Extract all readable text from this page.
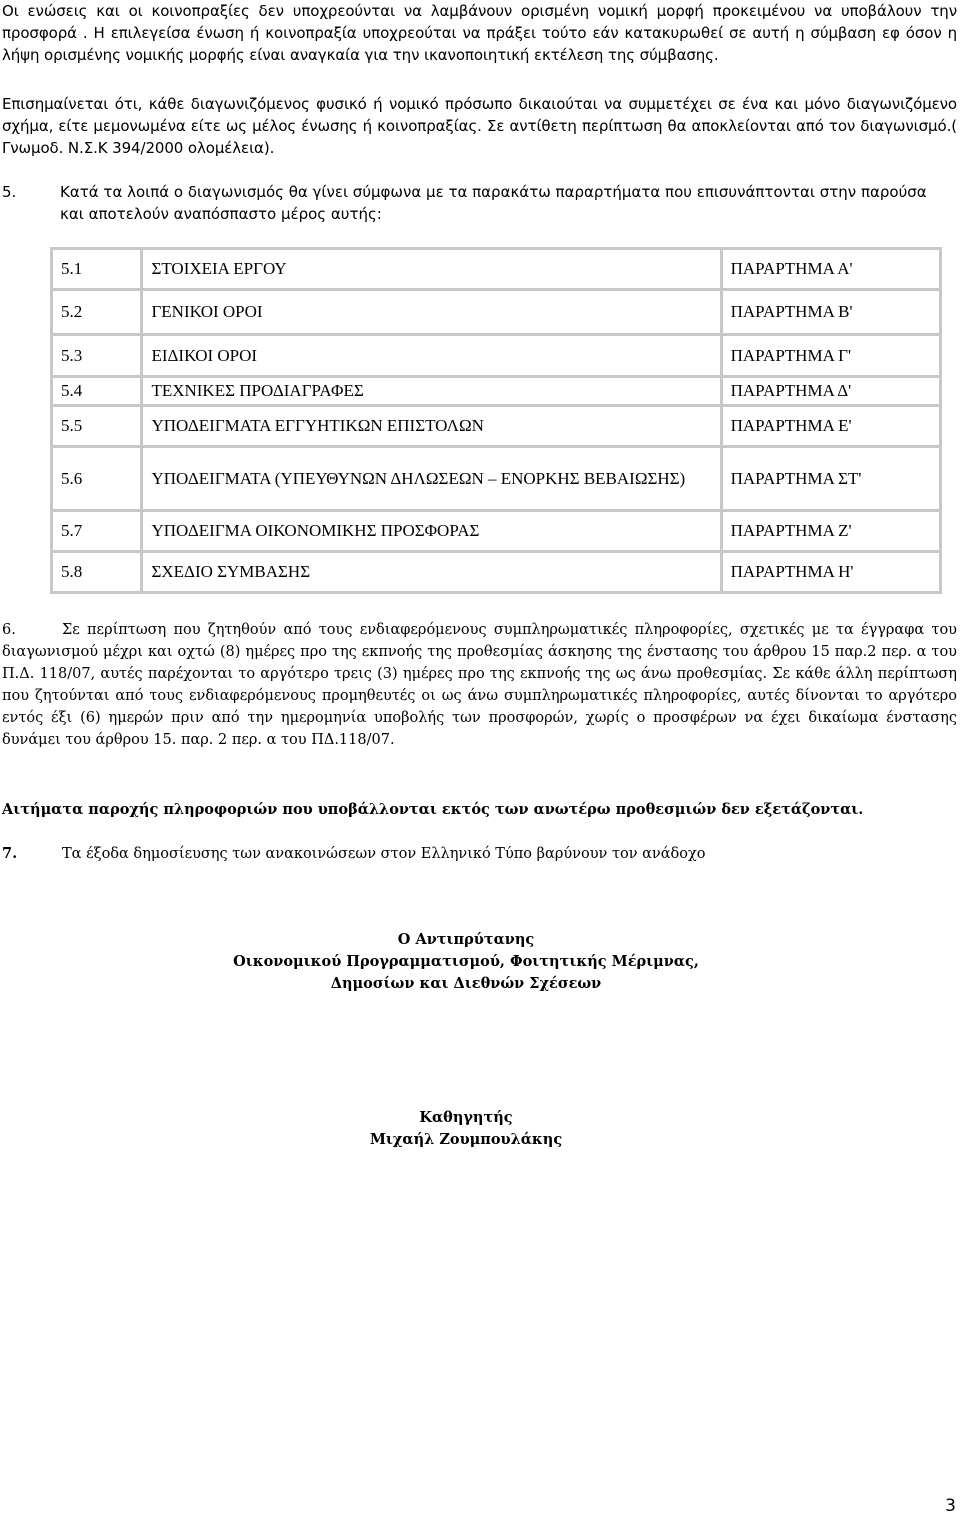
Οι ενώσεις και οι κοινοπραξίες δεν υποχρεούνται να λαμβάνουν ορισμένη νομική μορφή προκειμένου να υποβάλουν την προσφορά . Η επιλεγείσα ένωση ή κοινοπραξία υποχρεούται να πράξει τούτο εάν κατακυρωθεί σε αυτή η σύμβαση εφ όσον η λήψη ορισμένης νομικής μορφής είναι αναγκαία για την ικανοποιητική εκτέλεση της σύμβασης.
Επισημαίνεται ότι, κάθε διαγωνιζόμενος φυσικό ή νομικό πρόσωπο δικαιούται να συμμετέχει σε ένα και μόνο διαγωνιζόμενο σχήμα, είτε μεμονωμένα είτε ως μέλος ένωσης ή κοινοπραξίας. Σε αντίθετη περίπτωση θα αποκλείονται από τον διαγωνισμό.( Γνωμοδ. Ν.Σ.Κ 394/2000 ολομέλεια).
5.	Κατά τα λοιπά ο διαγωνισμός θα γίνει σύμφωνα με τα παρακάτω παραρτήματα που επισυνάπτονται στην παρούσα
και αποτελούν αναπόσπαστο μέρος αυτής:
5.1	ΣΤΟΙΧΕΙΑ ΕΡΓΟΥ	ΠΑΡΑΡΤΗΜΑ Α'
5.2	ΓΕΝΙΚΟΙ ΟΡΟΙ	ΠΑΡΑΡΤΗΜΑ Β'
5.3	ΕΙΔΙΚΟΙ ΟΡΟΙ	ΠΑΡΑΡΤΗΜΑ Γ'
5.4	ΤΕΧΝΙΚΕΣ ΠΡΟΔΙΑΓΡΑΦΕΣ	ΠΑΡΑΡΤΗΜΑ Δ'
5.5	ΥΠΟΔΕΙΓΜΑΤΑ ΕΓΓΥΗΤΙΚΩΝ ΕΠΙΣΤΟΛΩΝ	ΠΑΡΑΡΤΗΜΑ Ε'
5.6	ΥΠΟΔΕΙΓΜΑΤΑ (ΥΠΕΥΘΥΝΩΝ ΔΗΛΩΣΕΩΝ – ΕΝΟΡΚΗΣ ΒΕΒΑΙΩΣΗΣ)	ΠΑΡΑΡΤΗΜΑ ΣΤ'
5.7	ΥΠΟΔΕΙΓΜΑ ΟΙΚΟΝΟΜΙΚΗΣ ΠΡΟΣΦΟΡΑΣ	ΠΑΡΑΡΤΗΜΑ Ζ'
5.8	ΣΧΕΔΙΟ ΣΥΜΒΑΣΗΣ	ΠΑΡΑΡΤΗΜΑ Η'
6.	Σε περίπτωση που ζητηθούν από τους ενδιαφερόμενους συμπληρωματικές πληροφορίες, σχετικές με τα έγγραφα του διαγωνισμού μέχρι και οχτώ (8) ημέρες προ της εκπνοής της προθεσμίας άσκησης της ένστασης του άρθρου 15 παρ.2 περ. α του Π.Δ. 118/07, αυτές παρέχονται το αργότερο τρεις (3) ημέρες προ της εκπνοής της ως άνω προθεσμίας. Σε κάθε άλλη περίπτωση που ζητούνται από τους ενδιαφερόμενους προμηθευτές οι ως άνω συμπληρωματικές πληροφορίες, αυτές δίνονται το αργότερο εντός έξι (6) ημερών πριν από την ημερομηνία υποβολής των προσφορών, χωρίς ο προσφέρων να έχει δικαίωμα ένστασης δυνάμει του άρθρου 15. παρ. 2 περ. α του ΠΔ.118/07.
Αιτήματα παροχής πληροφοριών που υποβάλλονται εκτός των ανωτέρω προθεσμιών δεν εξετάζονται.
7.	Τα έξοδα δημοσίευσης των ανακοινώσεων στον Ελληνικό Τύπο βαρύνουν τον ανάδοχο
Ο Αντιπρύτανης
Οικονομικού Προγραμματισμού, Φοιτητικής Μέριμνας,
Δημοσίων και Διεθνών Σχέσεων
Καθηγητής
Μιχαήλ Ζουμπουλάκης
3
